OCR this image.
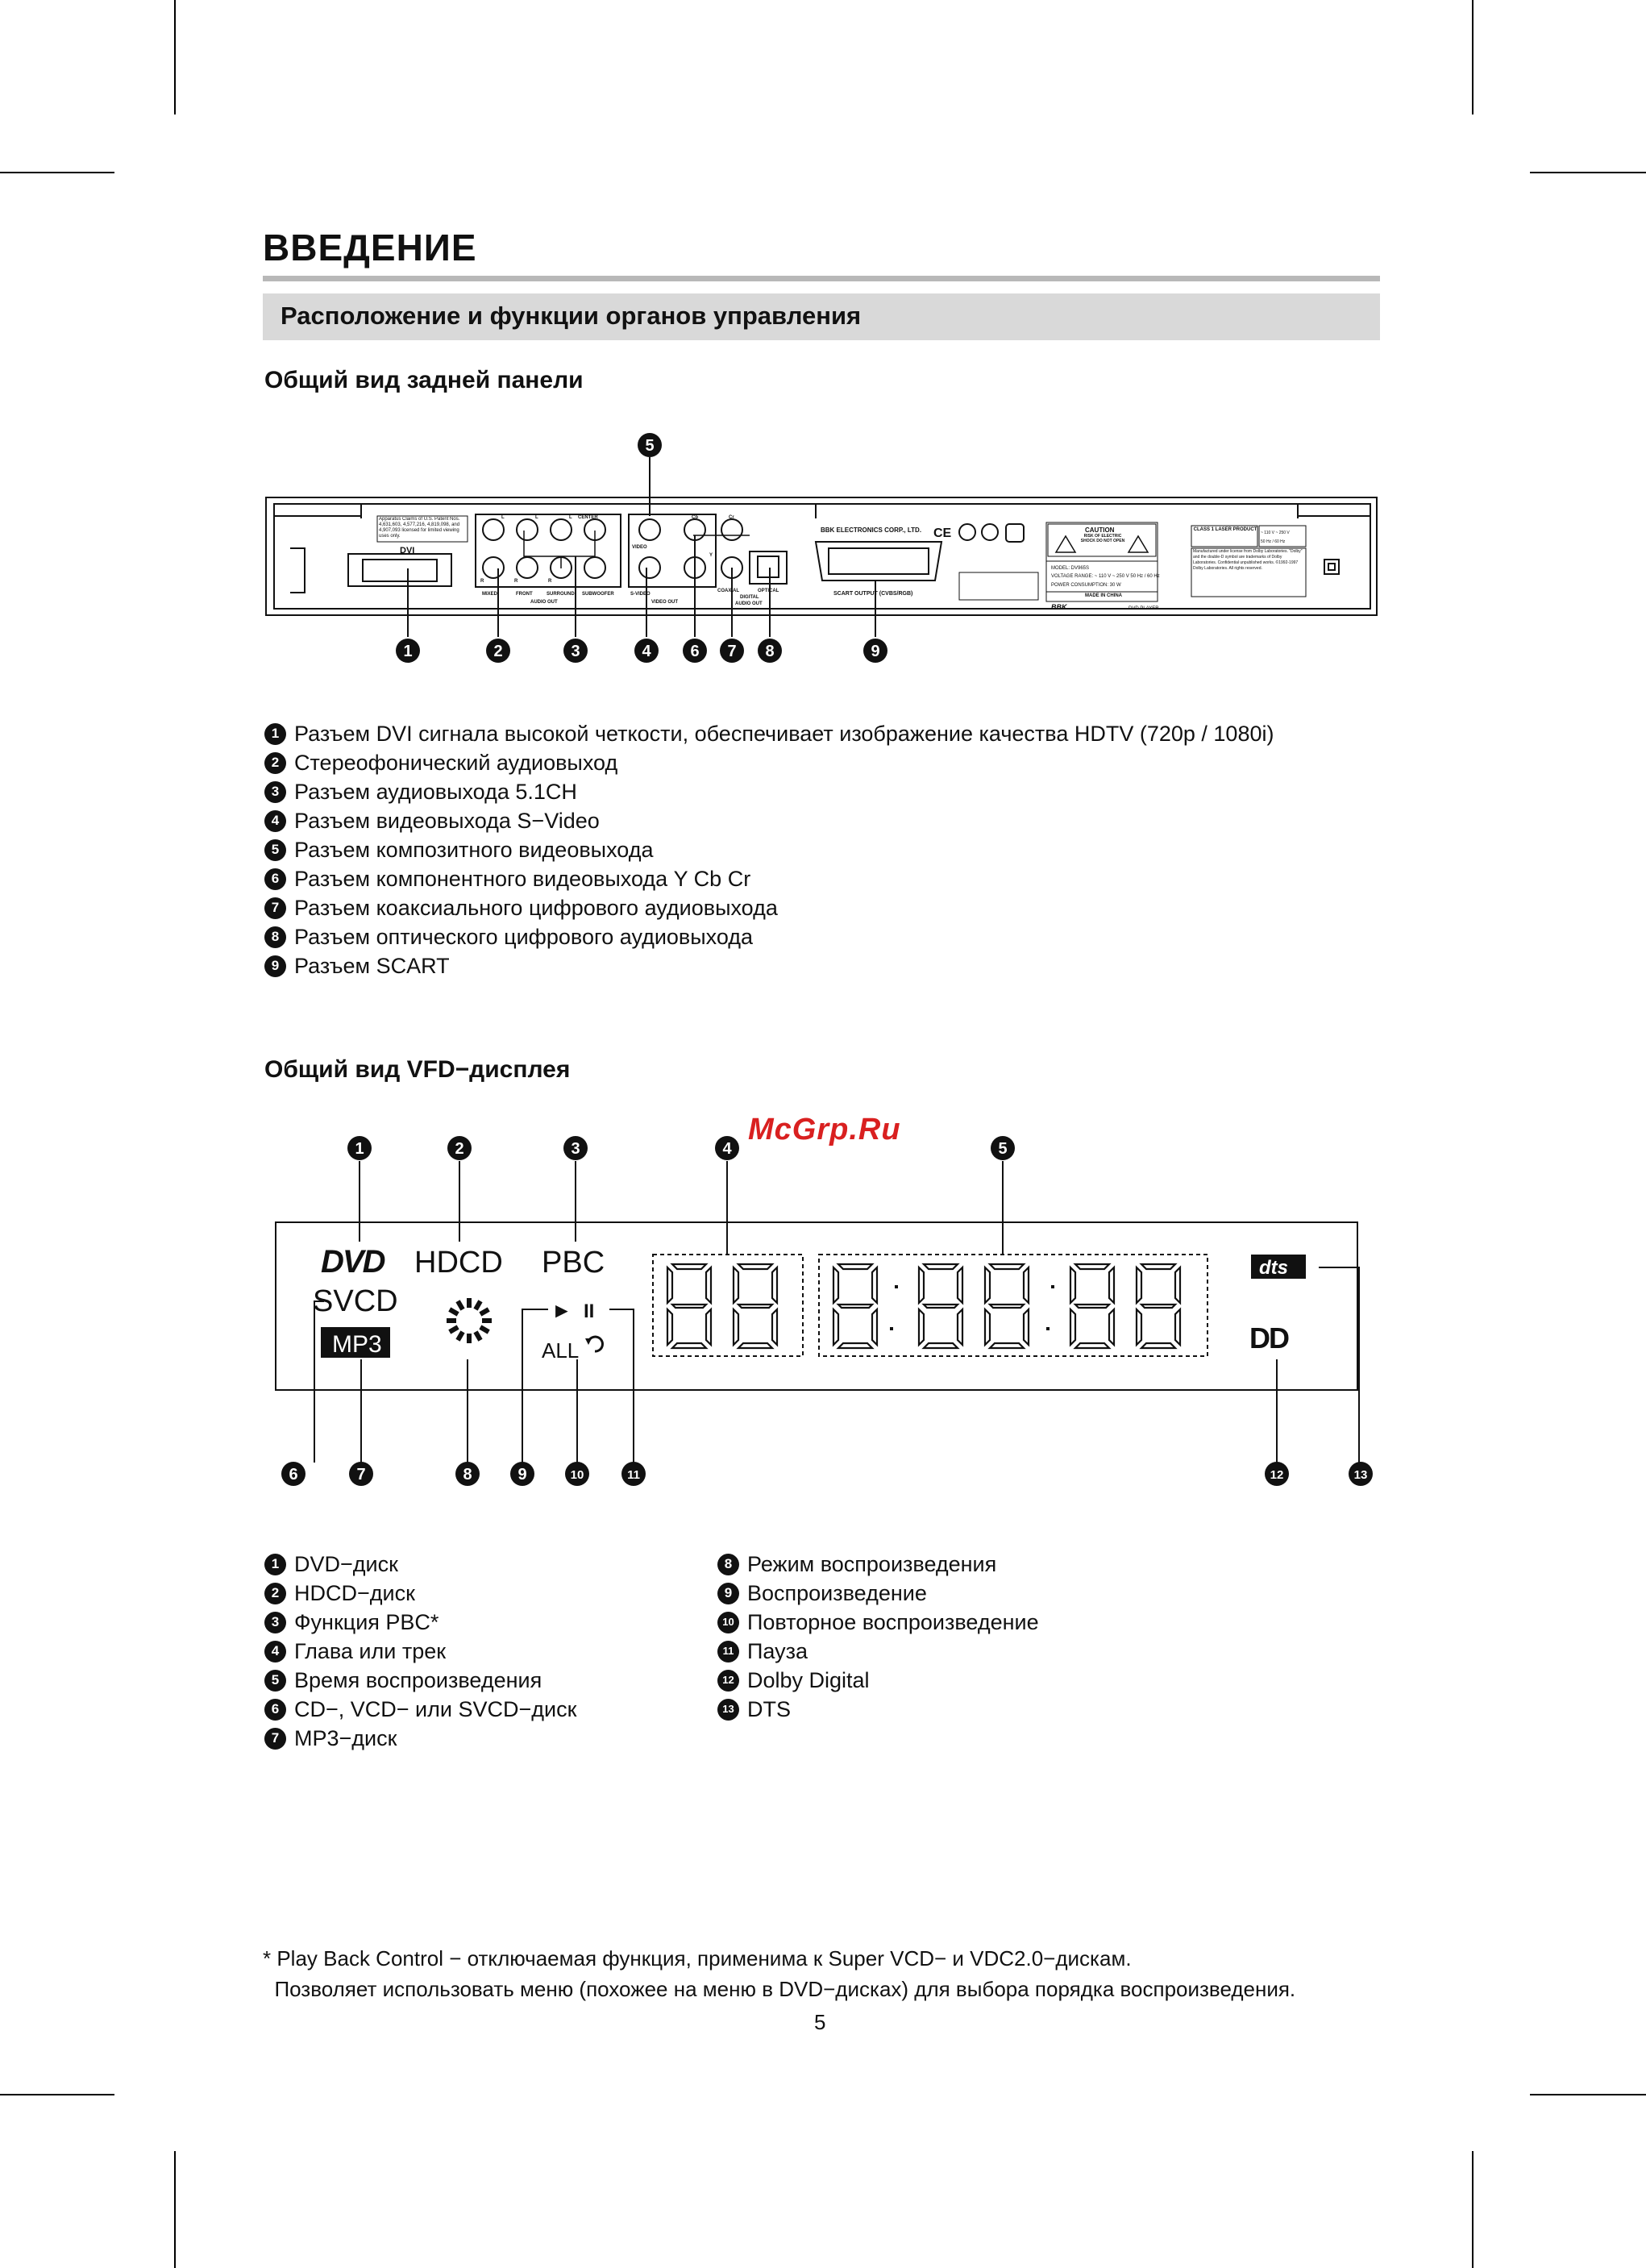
ВВЕДЕНИЕ
Расположение и функции органов управления
Общий вид задней панели
DVI
Apparatus Claims of U.S. Patent Nos. 4,631,603, 4,577,216, 4,819,098, and 4,907,093 licensed for limited viewing uses only.
CENTER
L	L	L
R	R	R
Cb	Cr
Y
VIDEO
MIXED	FRONT	SURROUND SUBWOOFER
AUDIO OUT
S-VIDEO
VIDEO OUT
COAXIAL	OPTICAL
DIGITAL
AUDIO OUT
BBK ELECTRONICS CORP., LTD.
SCART OUTPUT (CVBS/RGB)
CE	CAUTION
RISK OF ELECTRIC SHOCK DO NOT OPEN
MODEL: DV965S
VOLTAGE RANGE: ~ 110 V ~ 250 V 50 Hz / 60 Hz
POWER CONSUMPTION: 30 W
MADE IN CHINA
BBK	DVD PLAYER
CLASS 1 LASER PRODUCT
~ 110 V ~ 250 V
50 Hz / 60 Hz
Manufactured under license from Dolby Laboratories. "Dolby" and the double-D symbol are trademarks of Dolby Laboratories. Confidential unpublished works. ©1992-1997 Dolby Laboratories. All rights reserved.
5
1	2	3	4 6 7 8	9
1 Разъем DVI сигнала высокой четкости, обеспечивает изображение качества HDTV (720p / 1080i)
2 Стереофонический аудиовыход
3 Разъем аудиовыхода 5.1CH
4 Разъем видеовыхода S−Video
5 Разъем композитного видеовыхода
6 Разъем компонентного видеовыхода Y Cb Cr
7 Разъем коаксиального цифрового аудиовыхода
8 Разъем оптического цифрового аудиовыхода
9 Разъем SCART
Общий вид VFD−дисплея
McGrp.Ru
DVD HDCD PBC
SVCD
MP3
► II
ALL
dts
D D
1	2	3	4	5
6	7	8	9	10	11	12	13
1 DVD−диск
2 HDCD−диск
3 Функция PBC*
4 Глава или трек
5 Время воспроизведения
6 CD−, VCD− или SVCD−диск
7 MP3−диск
8 Режим воспроизведения
9 Воспроизведение
10 Повторное воспроизведение
11 Пауза
12 Dolby Digital
13 DTS
* Play Back Control − отключаемая функция, применима к Super VCD− и VDC2.0−дискам.
Позволяет использовать меню (похожее на меню в DVD−дисках) для выбора порядка воспроизведения.
5
